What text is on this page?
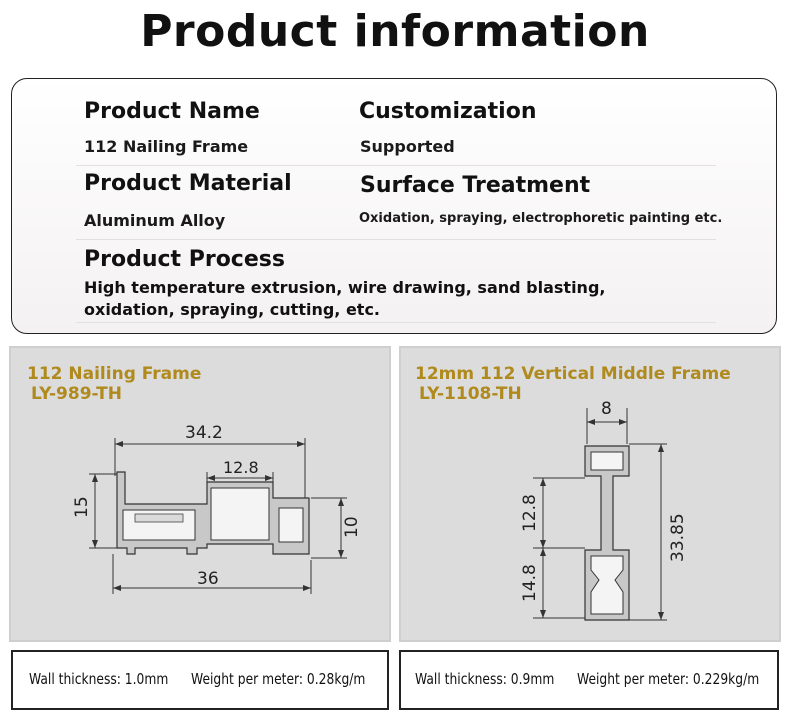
Product information
Product Name
112 Nailing Frame
Customization
Supported
Product Material
Aluminum Alloy
Surface Treatment
Oxidation, spraying, electrophoretic painting etc.
Product Process
High temperature extrusion, wire drawing, sand blasting,
oxidation, spraying, cutting, etc.
34.2
12.8
15
10
36
112 Nailing Frame
LY-989-TH
8
12.8
14.8
33.85
12mm 112 Vertical Middle Frame
LY-1108-TH
Wall thickness: 1.0mm Weight per meter: 0.28kg/m	Wall thickness: 0.9mm Weight per meter: 0.229kg/m
